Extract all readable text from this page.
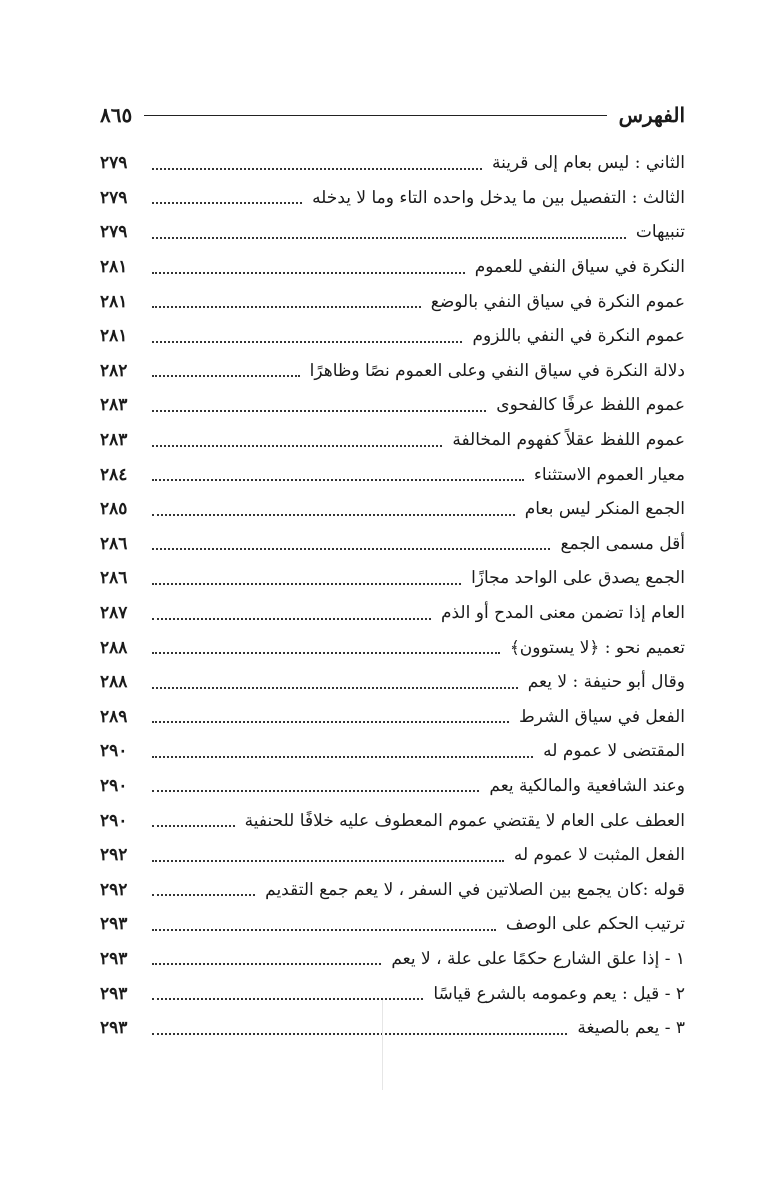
الفهرس
٨٦٥
الثاني : ليس بعام إلى قرينة
٢٧٩
الثالث : التفصيل بين ما يدخل واحده التاء وما لا يدخله
٢٧٩
تنبيهات
٢٧٩
النكرة في سياق النفي للعموم
٢٨١
عموم النكرة في سياق النفي بالوضع
٢٨١
عموم النكرة في النفي باللزوم
٢٨١
دلالة النكرة في سياق النفي وعلى العموم نصًا وظاهرًا
٢٨٢
عموم اللفظ عرفًا كالفحوى
٢٨٣
عموم اللفظ عقلاً كفهوم المخالفة
٢٨٣
معيار العموم الاستثناء
٢٨٤
الجمع المنكر ليس بعام
٢٨٥
أقل مسمى الجمع
٢٨٦
الجمع يصدق على الواحد مجازًا
٢٨٦
العام إذا تضمن معنى المدح أو الذم
٢٨٧
تعميم نحو : ﴿لا يستوون﴾
٢٨٨
وقال أبو حنيفة : لا يعم
٢٨٨
الفعل في سياق الشرط
٢٨٩
المقتضى لا عموم له
٢٩٠
وعند الشافعية والمالكية يعم
٢٩٠
العطف على العام لا يقتضي عموم المعطوف عليه خلافًا للحنفية
٢٩٠
الفعل المثبت لا عموم له
٢٩٢
قوله :كان يجمع بين الصلاتين في السفر ، لا يعم جمع التقديم
٢٩٢
ترتيب الحكم على الوصف
٢٩٣
١ - إذا علق الشارع حكمًا على علة ، لا يعم
٢٩٣
٢ - قيل : يعم وعمومه بالشرع قياسًا
٢٩٣
٣ - يعم بالصيغة
٢٩٣
